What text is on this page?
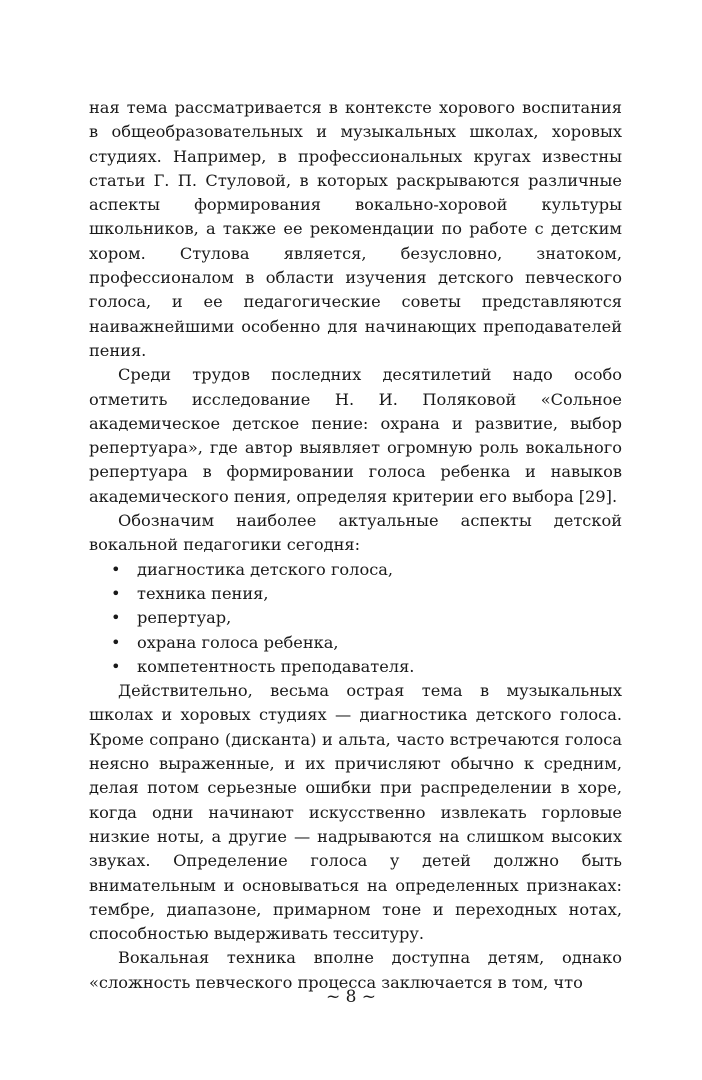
ная тема рассматривается в контексте хорового воспитания в общеобразовательных и музыкальных школах, хоровых студиях. Например, в профессиональных кругах известны статьи Г. П. Стуловой, в которых раскрываются различные аспекты формирования вокально-хоровой культуры школьников, а также ее рекомендации по работе с детским хором. Стулова является, безусловно, знатоком, профессионалом в области изучения детского певческого голоса, и ее педагогические советы представляются наиважнейшими особенно для начинающих преподавателей пения.

Среди трудов последних десятилетий надо особо отметить исследование Н. И. Поляковой «Сольное академическое детское пение: охрана и развитие, выбор репертуара», где автор выявляет огромную роль вокального репертуара в формировании голоса ребенка и навыков академического пения, определяя критерии его выбора [29].

Обозначим наиболее актуальные аспекты детской вокальной педагогики сегодня:

• диагностика детского голоса,
• техника пения,
• репертуар,
• охрана голоса ребенка,
• компетентность преподавателя.

Действительно, весьма острая тема в музыкальных школах и хоровых студиях — диагностика детского голоса. Кроме сопрано (дисканта) и альта, часто встречаются голоса неясно выраженные, и их причисляют обычно к средним, делая потом серьезные ошибки при распределении в хоре, когда одни начинают искусственно извлекать горловые низкие ноты, а другие — надрываются на слишком высоких звуках. Определение голоса у детей должно быть внимательным и основываться на определенных признаках: тембре, диапазоне, примарном тоне и переходных нотах, способностью выдерживать тесситуру.

Вокальная техника вполне доступна детям, однако «сложность певческого процесса заключается в том, что

~ 8 ~
